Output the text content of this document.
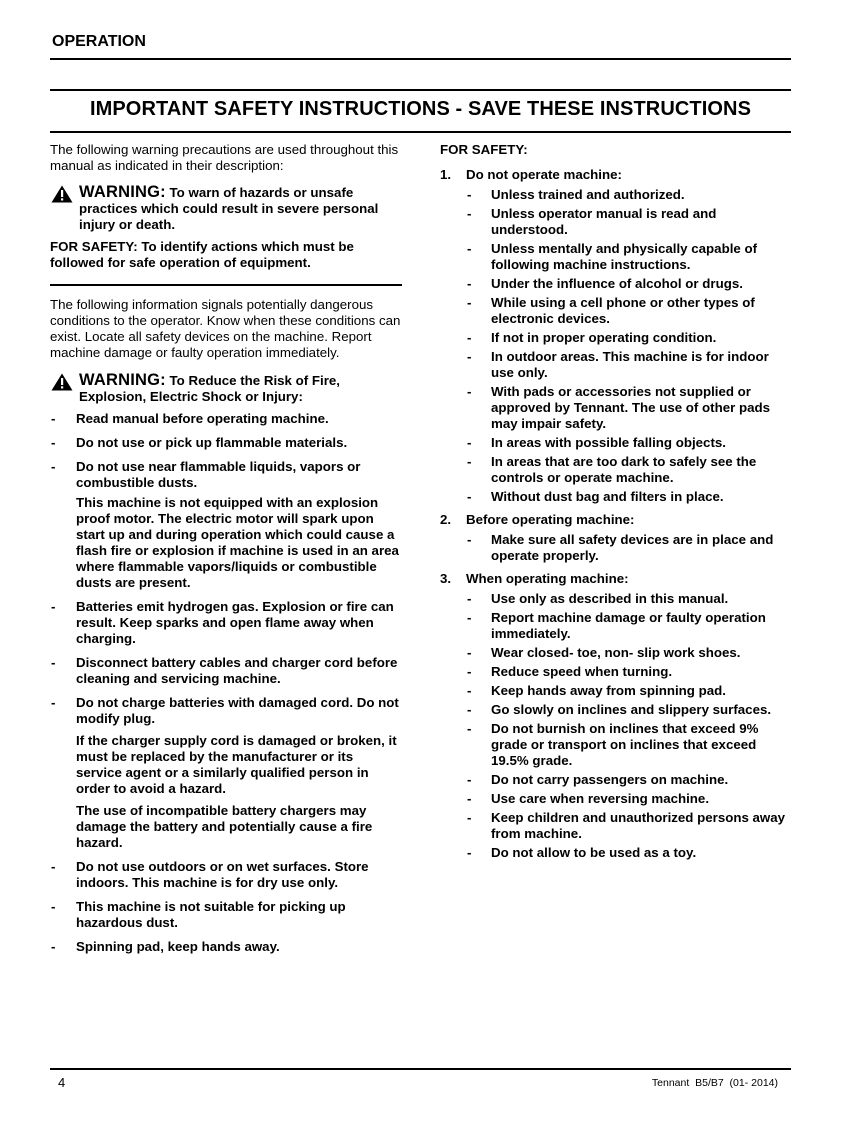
OPERATION
IMPORTANT SAFETY INSTRUCTIONS - SAVE THESE INSTRUCTIONS

The following warning precautions are used throughout this manual as indicated in their description:

WARNING: To warn of hazards or unsafe practices which could result in severe personal injury or death.

FOR SAFETY: To identify actions which must be followed for safe operation of equipment.

The following information signals potentially dangerous conditions to the operator. Know when these conditions can exist. Locate all safety devices on the machine. Report machine damage or faulty operation immediately.

WARNING: To Reduce the Risk of Fire, Explosion, Electric Shock or Injury:
- Read manual before operating machine.
- Do not use or pick up flammable materials.
- Do not use near flammable liquids, vapors or combustible dusts.

This machine is not equipped with an explosion proof motor. The electric motor will spark upon start up and during operation which could cause a flash fire or explosion if machine is used in an area where flammable vapors/liquids or combustible dusts are present.

- Batteries emit hydrogen gas. Explosion or fire can result. Keep sparks and open flame away when charging.
- Disconnect battery cables and charger cord before cleaning and servicing machine.
- Do not charge batteries with damaged cord. Do not modify plug.

If the charger supply cord is damaged or broken, it must be replaced by the manufacturer or its service agent or a similarly qualified person in order to avoid a hazard.

The use of incompatible battery chargers may damage the battery and potentially cause a fire hazard.

- Do not use outdoors or on wet surfaces. Store indoors. This machine is for dry use only.
- This machine is not suitable for picking up hazardous dust.
- Spinning pad, keep hands away.

FOR SAFETY:

1. Do not operate machine:
- Unless trained and authorized.
- Unless operator manual is read and understood.
- Unless mentally and physically capable of following machine instructions.
- Under the influence of alcohol or drugs.
- While using a cell phone or other types of electronic devices.
- If not in proper operating condition.
- In outdoor areas. This machine is for indoor use only.
- With pads or accessories not supplied or approved by Tennant. The use of other pads may impair safety.
- In areas with possible falling objects.
- In areas that are too dark to safely see the controls or operate machine.
- Without dust bag and filters in place.
2. Before operating machine:
- Make sure all safety devices are in place and operate properly.
3. When operating machine:
- Use only as described in this manual.
- Report machine damage or faulty operation immediately.
- Wear closed- toe, non- slip work shoes.
- Reduce speed when turning.
- Keep hands away from spinning pad.
- Go slowly on inclines and slippery surfaces.
- Do not burnish on inclines that exceed 9% grade or transport on inclines that exceed 19.5% grade.
- Do not carry passengers on machine.
- Use care when reversing machine.
- Keep children and unauthorized persons away from machine.
- Do not allow to be used as a toy.
4	Tennant  B5/B7  (01- 2014)
